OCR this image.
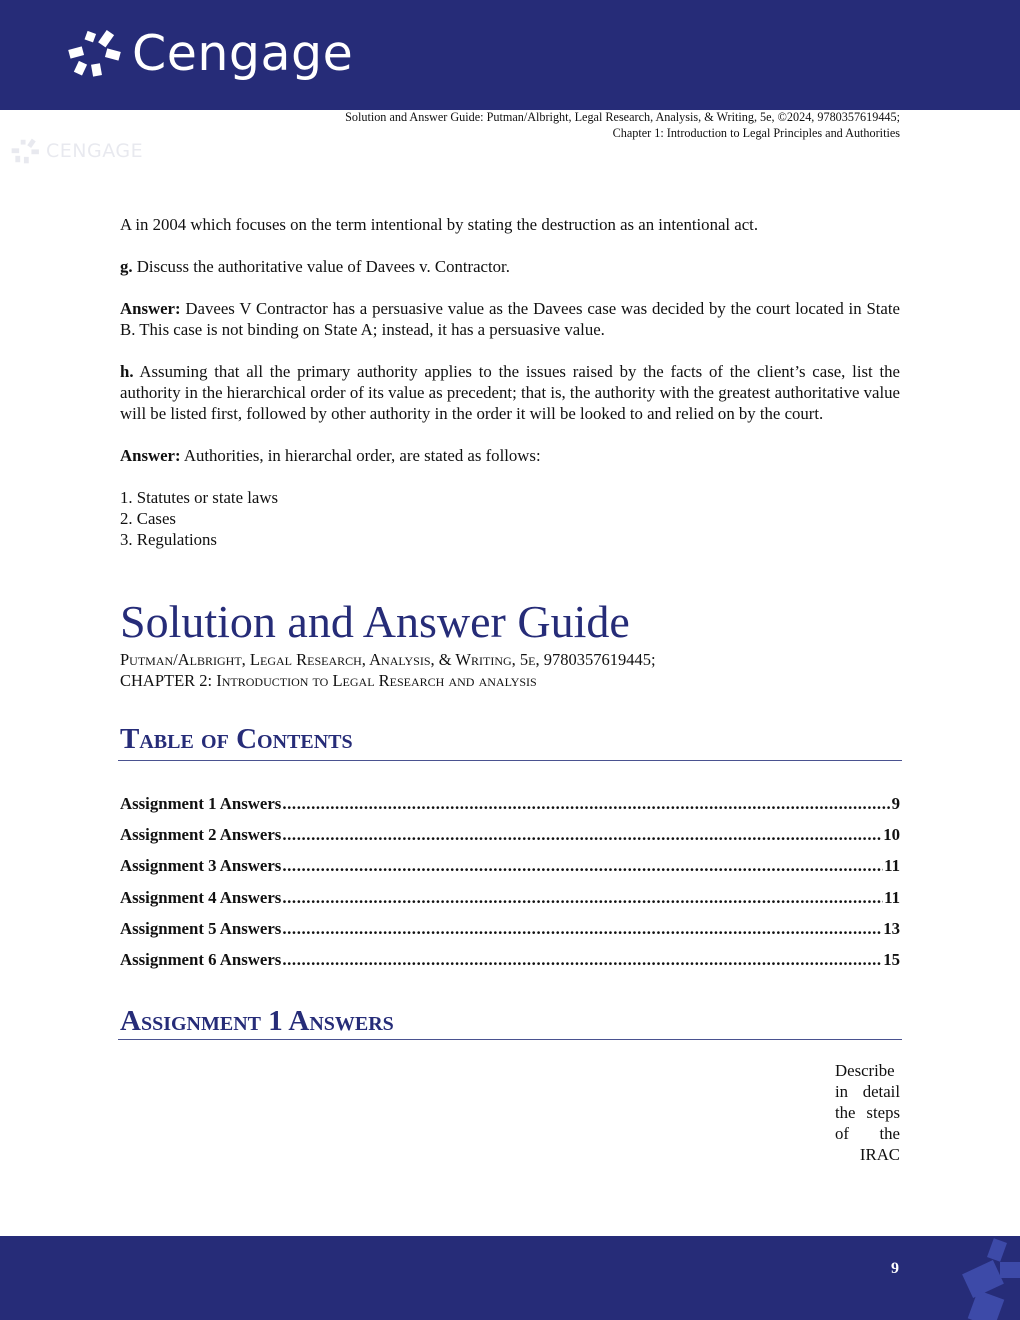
Cengage
CENGAGE
Solution and Answer Guide: Putman/Albright, Legal Research, Analysis, & Writing, 5e, ©2024, 9780357619445;
Chapter 1: Introduction to Legal Principles and Authorities

A in 2004 which focuses on the term intentional by stating the destruction as an intentional act.

g. Discuss the authoritative value of Davees v. Contractor.

Answer: Davees V Contractor has a persuasive value as the Davees case was decided by the court located in State B. This case is not binding on State A; instead, it has a persuasive value.

h. Assuming that all the primary authority applies to the issues raised by the facts of the client’s case, list the authority in the hierarchical order of its value as precedent; that is, the authority with the greatest authoritative value will be listed first, followed by other authority in the order it will be looked to and relied on by the court.

Answer: Authorities, in hierarchal order, are stated as follows:

1. Statutes or state laws
2. Cases
3. Regulations
Solution and Answer Guide
Putman/Albright, Legal Research, Analysis, & Writing, 5e, 9780357619445;
CHAPTER 2: Introduction to Legal Research and analysis
Table of Contents
Assignment 1 Answers .....	9
Assignment 2 Answers .....	10
Assignment 3 Answers .....	11
Assignment 4 Answers .....	11
Assignment 5 Answers .....	13
Assignment 6 Answers .....	15
Assignment 1 Answers
Describe in detail the steps of the IRAC
9
